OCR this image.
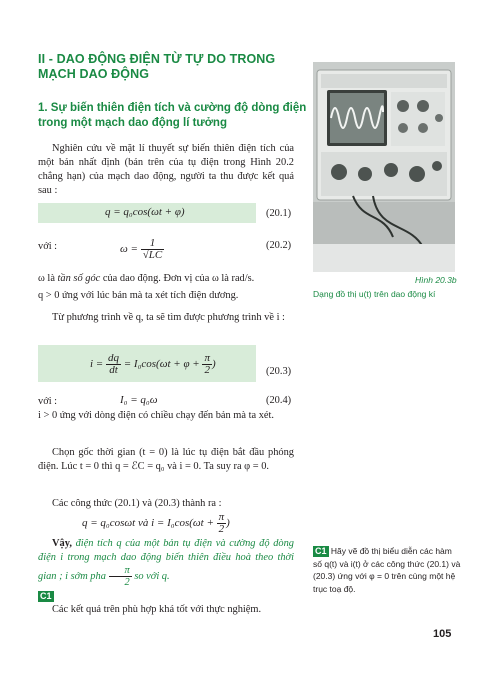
II - DAO ĐỘNG ĐIỆN TỪ TỰ DO TRONG MẠCH DAO ĐỘNG
1. Sự biến thiên điện tích và cường độ dòng điện trong một mạch dao động lí tưởng
Nghiên cứu về mặt lí thuyết sự biến thiên điện tích của một bản nhất định (bản trên của tụ điện trong Hình 20.2 chẳng hạn) của mạch dao động, người ta thu được kết quả sau :
q = q₀cos(ωt + φ)	(20.1)
với :	$\omega = \frac{1}{√LC}$	(20.2)
ω là tần số góc của dao động. Đơn vị của ω là rad/s.
q > 0 ứng với lúc bản mà ta xét tích điện dương.
Từ phương trình về q, ta sẽ tìm được phương trình về i :
$i = \frac{dq}{dt} = I_0\cos(\omega t + \varphi + \frac{\pi}{2}$ )
(20.3)
với :	I₀ = q₀ω	(20.4)
i > 0 ứng với dòng điện có chiều chạy đến bản mà ta xét.
Chọn gốc thời gian (t = 0) là lúc tụ điện bắt đầu phóng điện. Lúc t = 0 thì q = ℰC = q₀ và i = 0. Ta suy ra φ = 0.
Các công thức (20.1) và (20.3) thành ra :
q = q₀cosωt và $i = I_0\cos(\omega t + \frac{\pi}{2}$ )
Vậy, điện tích q của một bản tụ điện và cường độ dòng điện i trong mạch dao động biến thiên điều hoà theo thời gian ; i sớm pha $\frac{\pi}{2}$ so với q.
C1
Các kết quả trên phù hợp khá tốt với thực nghiệm.
Hình 20.3b
Dạng đồ thị u(t) trên dao động kí
C1 Hãy vẽ đồ thị biểu diễn các hàm số q(t) và i(t) ở các công thức (20.1) và (20.3) ứng với φ = 0 trên cùng một hệ trục toạ độ.
105
